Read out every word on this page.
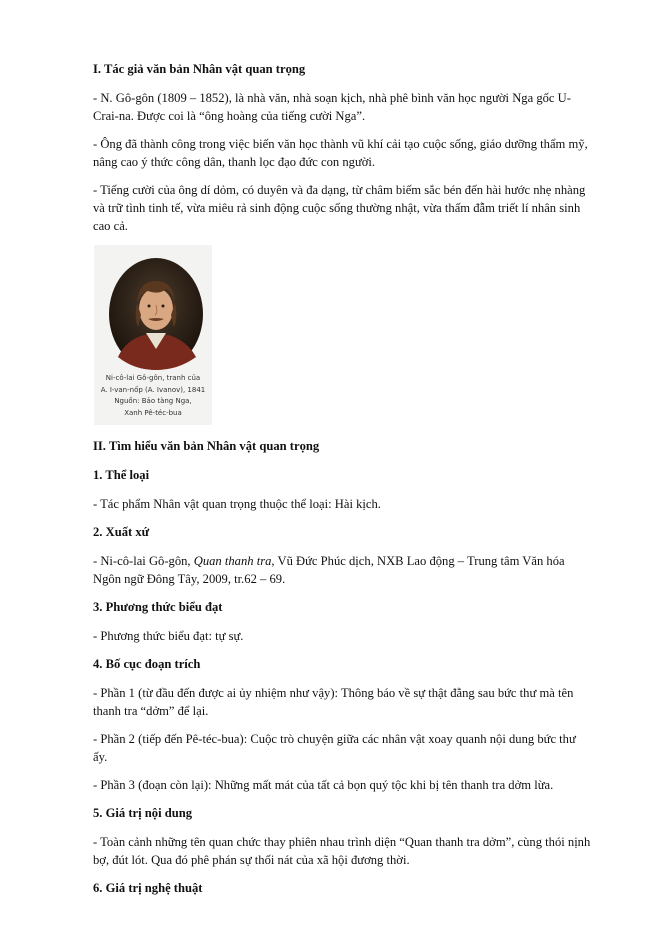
I. Tác giả văn bản Nhân vật quan trọng

- N. Gô-gôn (1809 – 1852), là nhà văn, nhà soạn kịch, nhà phê bình văn học người Nga gốc U-Crai-na. Được coi là “ông hoàng của tiếng cười Nga”.

- Ông đã thành công trong việc biến văn học thành vũ khí cải tạo cuộc sống, giáo dưỡng thẩm mỹ, nâng cao ý thức công dân, thanh lọc đạo đức con người.

- Tiếng cười của ông dí dỏm, có duyên và đa dạng, từ châm biếm sắc bén đến hài hước nhẹ nhàng và trữ tình tinh tế, vừa miêu rả sinh động cuộc sống thường nhật, vừa thấm đẫm triết lí nhân sinh cao cả.

Ni-cô-lai Gô-gôn, tranh của
A. I-van-nốp (A. Ivanov), 1841
Nguồn: Bảo tàng Nga,
Xanh Pê-téc-bua
II. Tìm hiểu văn bản Nhân vật quan trọng
1. Thể loại

- Tác phẩm Nhân vật quan trọng thuộc thể loại: Hài kịch.

2. Xuất xứ

- Ni-cô-lai Gô-gôn, Quan thanh tra, Vũ Đức Phúc dịch, NXB Lao động – Trung tâm Văn hóa Ngôn ngữ Đông Tây, 2009, tr.62 – 69.

3. Phương thức biểu đạt

- Phương thức biểu đạt: tự sự.

4. Bố cục đoạn trích

- Phần 1 (từ đầu đến được ai ủy nhiệm như vậy): Thông báo về sự thật đằng sau bức thư mà tên thanh tra “dởm” để lại.

- Phần 2 (tiếp đến Pê-téc-bua): Cuộc trò chuyện giữa các nhân vật xoay quanh nội dung bức thư ấy.

- Phần 3 (đoạn còn lại): Những mất mát của tất cả bọn quý tộc khi bị tên thanh tra dởm lừa.

5. Giá trị nội dung

- Toàn cảnh những tên quan chức thay phiên nhau trình diện “Quan thanh tra dởm”, cùng thói nịnh bợ, đút lót. Qua đó phê phán sự thối nát của xã hội đương thời.

6. Giá trị nghệ thuật
